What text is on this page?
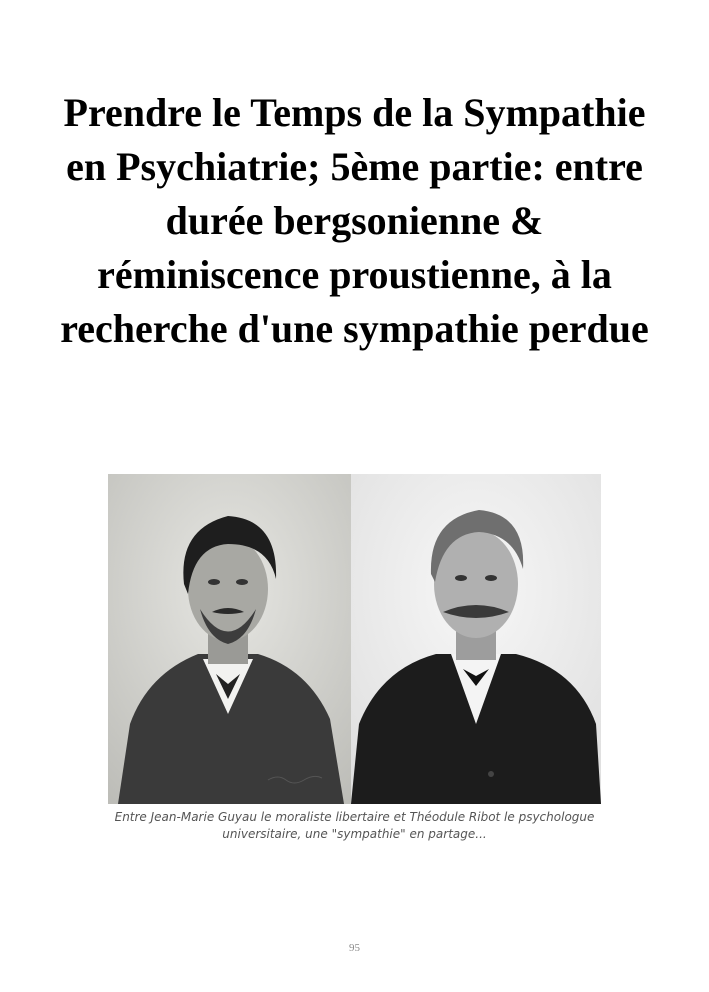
Prendre le Temps de la Sympathie en Psychiatrie; 5ème partie: entre durée bergsonienne & réminiscence proustienne, à la recherche d'une sympathie perdue

Entre Jean-Marie Guyau le moraliste libertaire et Théodule Ribot le psychologue universitaire, une "sympathie" en partage...

95
